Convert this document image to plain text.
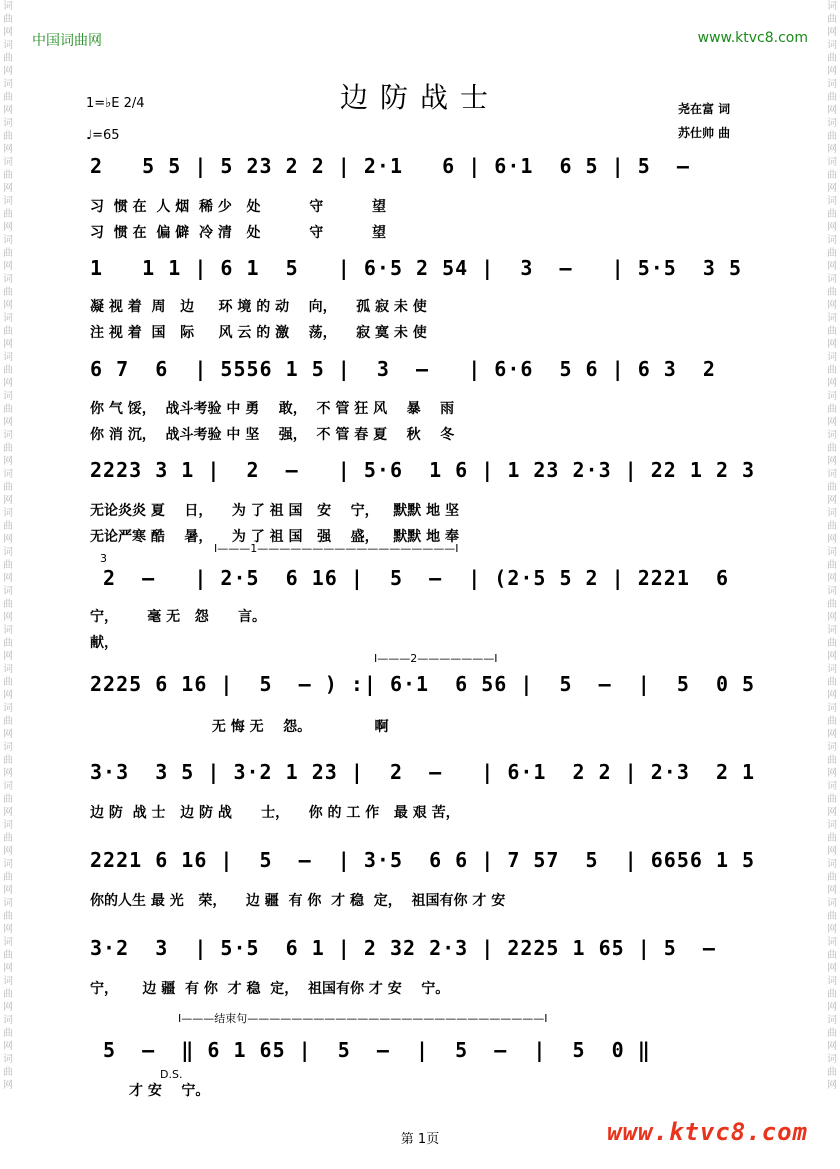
词
曲
网
词
曲
网
词
曲
网
词
曲
网
词
曲
网
词
曲
网
词
曲
网
词
曲
网
词
曲
网
词
曲
网
词
曲
网
词
曲
网
词
曲
网
词
曲
网
词
曲
网
词
曲
网
词
曲
网
词
曲
网
词
曲
网
词
曲
网
词
曲
网
词
曲
网
词
曲
网
词
曲
网
词
曲
网
词
曲
网
词
曲
网
词
曲
网
词
曲
网
词
曲
网
词
曲
网
词
曲
网
词
曲
网
词
曲
网
词
曲
网
词
曲
网
词
曲
网
词
曲
网
词
曲
网
词
曲
网
词
曲
网
词
曲
网
词
曲
网
词
曲
网
词
曲
网
词
曲
网
词
曲
网
词
曲
网
词
曲
网
词
曲
网
词
曲
网
词
曲
网
词
曲
网
词
曲
网
词
曲
网
词
曲
网
中国词曲网	www.ktvc8.com
边防战士
1=♭E 2/4
♩=65
尧在富 词
苏仕帅 曲
2   5 5 | 5 23 2 2 | 2·1   6 | 6·1  6 5 | 5  –
习  惯 在  人 烟  稀 少   处          守          望
习  惯 在  偏 僻  冷 清   处          守          望
1   1 1 | 6 1  5   | 6·5 2 54 |  3  –   | 5·5  3 5
凝 视 着  周   边     环 境 的 动    向，    孤 寂 未 使
注 视 着  国   际     风 云 的 激    荡，    寂 寞 未 使
6 7  6  | 5556 1 5 |  3  –   | 6·6  5 6 | 6 3  2
你 气 馁，  战斗考验 中 勇    敢，  不 管 狂 风    暴    雨
你 消 沉，  战斗考验 中 坚    强，  不 管 春 夏    秋    冬
2223 3 1 |  2  –   | 5·6  1 6 | 1 23 2·3 | 22 1 2 3
无论炎炎 夏    日，    为 了 祖 国   安    宁，   默默 地 坚
无论严寒 酷    暑，    为 了 祖 国   强    盛，   默默 地 奉
I———1——————————————————I
3
2  –   | 2·5  6 16 |  5  –  | (2·5 5 2 | 2221  6
宁，      毫 无   怨      言。
献，
I———2———————I
2225 6 16 |  5  – ) :| 6·1  6 56 |  5  –  |  5  0 5
无 悔 无    怨。             啊
3·3  3 5 | 3·2 1 23 |  2  –   | 6·1  2 2 | 2·3  2 1
边 防  战 士   边 防 战      士，    你 的 工 作   最 艰 苦，
2221 6 16 |  5  –  | 3·5  6 6 | 7 57  5  | 6656 1 5
你的人生 最 光   荣，    边 疆  有 你  才 稳  定，  祖国有你 才 安
3·2  3  | 5·5  6 1 | 2 32 2·3 | 2225 1 65 | 5  –
宁，     边 疆  有 你  才 稳  定，  祖国有你 才 安    宁。
I———结束句———————————————————————————I
5  –  ‖ 6 1 65 |  5  –  |  5  –  |  5  0 ‖
D.S.
才 安    宁。
第 1页	www.ktvc8.com
